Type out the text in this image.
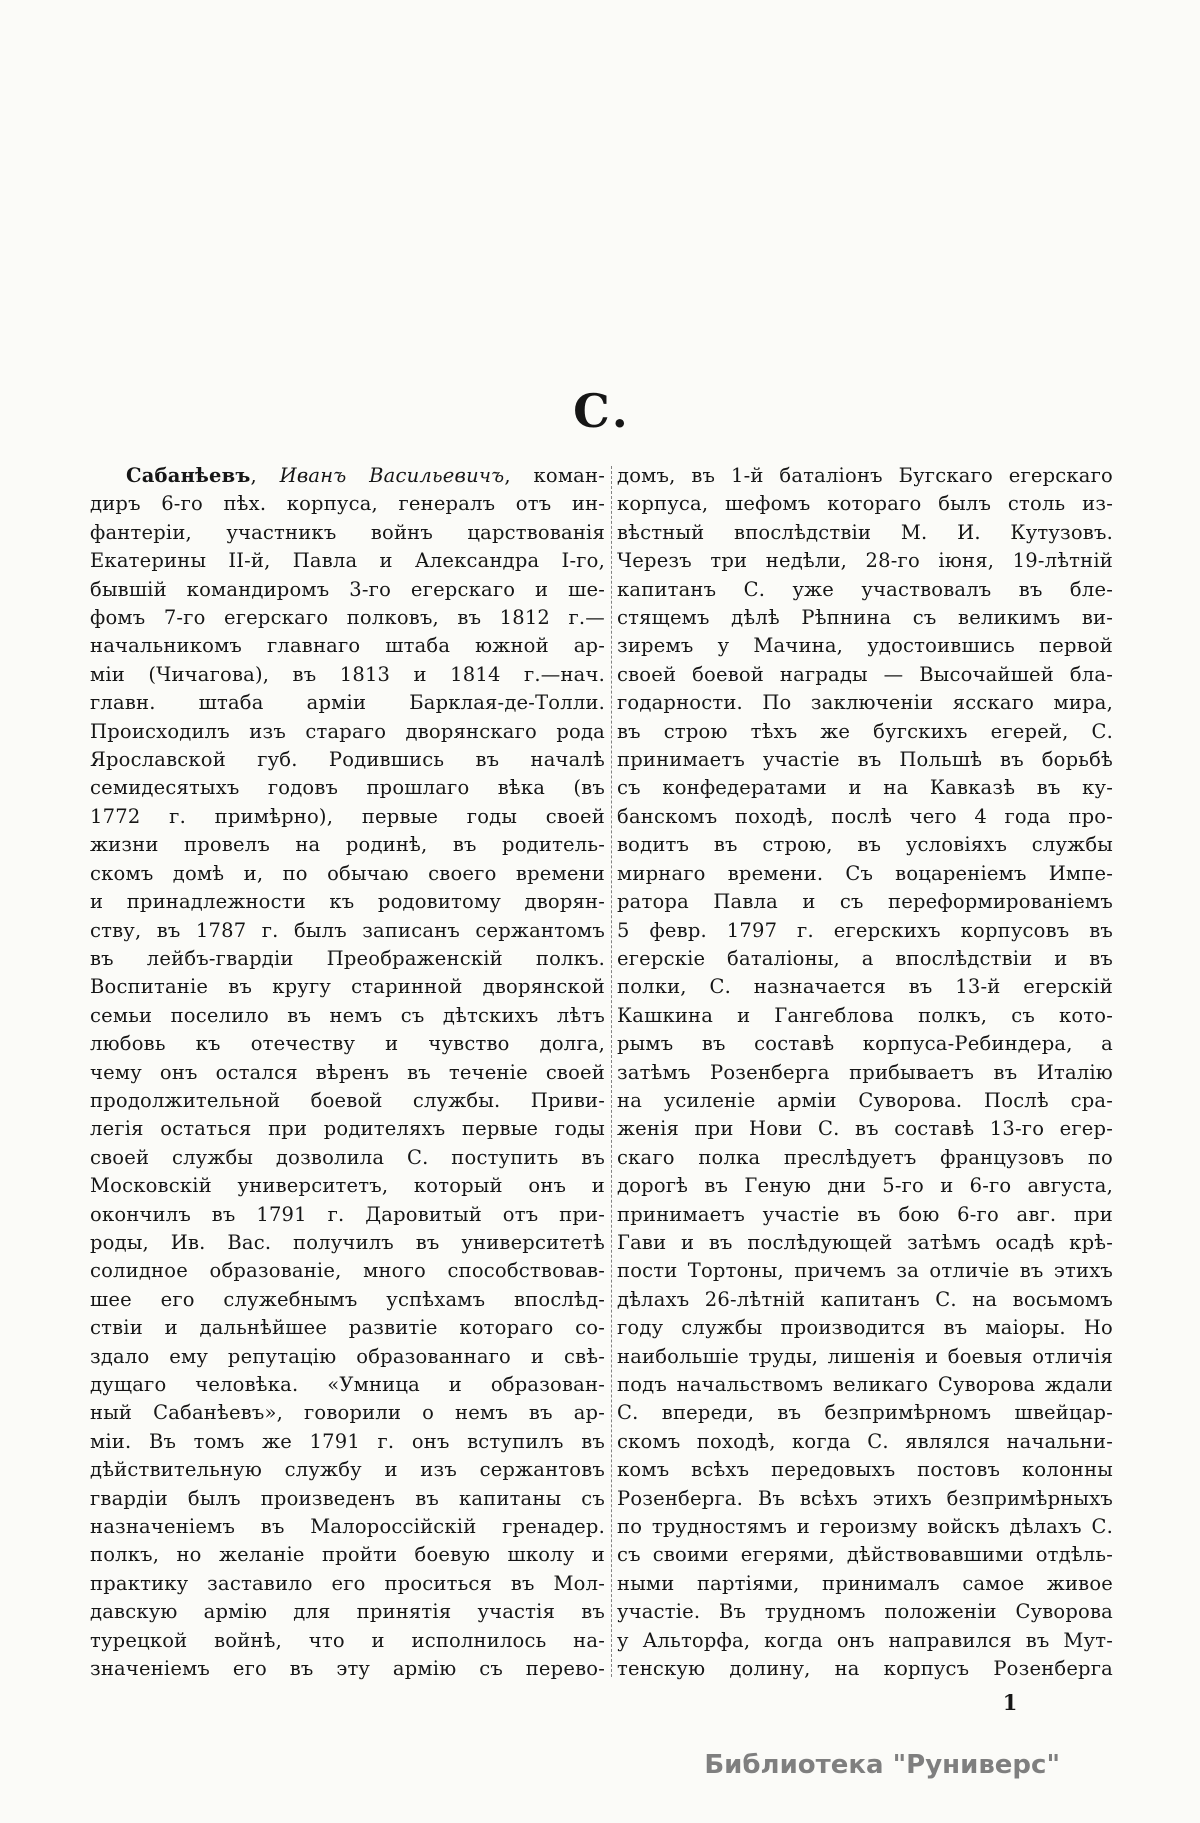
С.
Сабанѣевъ, Иванъ Васильевичъ, коман-
диръ 6-го пѣх. корпуса, генералъ отъ ин-
фантеріи, участникъ войнъ царствованія
Екатерины II-й, Павла и Александра I-го,
бывшій командиромъ 3-го егерскаго и ше-
фомъ 7-го егерскаго полковъ, въ 1812 г.—
начальникомъ главнаго штаба южной ар-
міи (Чичагова), въ 1813 и 1814 г.—нач.
главн. штаба арміи Барклая-де-Толли.
Происходилъ изъ стараго дворянскаго рода
Ярославской губ. Родившись въ началѣ
семидесятыхъ годовъ прошлаго вѣка (въ
1772 г. примѣрно), первые годы своей
жизни провелъ на родинѣ, въ родитель-
скомъ домѣ и, по обычаю своего времени
и принадлежности къ родовитому дворян-
ству, въ 1787 г. былъ записанъ сержантомъ
въ лейбъ-гвардіи Преображенскій полкъ.
Воспитаніе въ кругу старинной дворянской
семьи поселило въ немъ съ дѣтскихъ лѣтъ
любовь къ отечеству и чувство долга,
чему онъ остался вѣренъ въ теченіе своей
продолжительной боевой службы. Приви-
легія остаться при родителяхъ первые годы
своей службы дозволила С. поступить въ
Московскій университетъ, который онъ и
окончилъ въ 1791 г. Даровитый отъ при-
роды, Ив. Вас. получилъ въ университетѣ
солидное образованіе, много способствовав-
шее его служебнымъ успѣхамъ впослѣд-
ствіи и дальнѣйшее развитіе котораго со-
здало ему репутацію образованнаго и свѣ-
дущаго человѣка. «Умница и образован-
ный Сабанѣевъ», говорили о немъ въ ар-
міи. Въ томъ же 1791 г. онъ вступилъ въ
дѣйствительную службу и изъ сержантовъ
гвардіи былъ произведенъ въ капитаны съ
назначеніемъ въ Малороссійскій гренадер.
полкъ, но желаніе пройти боевую школу и
практику заставило его проситься въ Мол-
давскую армію для принятія участія въ
турецкой войнѣ, что и исполнилось на-
значеніемъ его въ эту армію съ перево-
домъ, въ 1-й баталіонъ Бугскаго егерскаго
корпуса, шефомъ котораго былъ столь из-
вѣстный впослѣдствіи М. И. Кутузовъ.
Черезъ три недѣли, 28-го іюня, 19-лѣтній
капитанъ С. уже участвовалъ въ бле-
стящемъ дѣлѣ Рѣпнина съ великимъ ви-
зиремъ у Мачина, удостоившись первой
своей боевой награды — Высочайшей бла-
годарности. По заключеніи ясскаго мира,
въ строю тѣхъ же бугскихъ егерей, С.
принимаетъ участіе въ Польшѣ въ борьбѣ
съ конфедератами и на Кавказѣ въ ку-
банскомъ походѣ, послѣ чего 4 года про-
водитъ въ строю, въ условіяхъ службы
мирнаго времени. Съ воцареніемъ Импе-
ратора Павла и съ переформированіемъ
5 февр. 1797 г. егерскихъ корпусовъ въ
егерскіе баталіоны, а впослѣдствіи и въ
полки, С. назначается въ 13-й егерскій
Кашкина и Гангеблова полкъ, съ кото-
рымъ въ составѣ корпуса-Ребиндера, а
затѣмъ Розенберга прибываетъ въ Италію
на усиленіе арміи Суворова. Послѣ сра-
женія при Нови С. въ составѣ 13-го егер-
скаго полка преслѣдуетъ французовъ по
дорогѣ въ Геную дни 5-го и 6-го августа,
принимаетъ участіе въ бою 6-го авг. при
Гави и въ послѣдующей затѣмъ осадѣ крѣ-
пости Тортоны, причемъ за отличіе въ этихъ
дѣлахъ 26-лѣтній капитанъ С. на восьмомъ
году службы производится въ маіоры. Но
наибольшіе труды, лишенія и боевыя отличія
подъ начальствомъ великаго Суворова ждали
С. впереди, въ безпримѣрномъ швейцар-
скомъ походѣ, когда С. являлся начальни-
комъ всѣхъ передовыхъ постовъ колонны
Розенберга. Въ всѣхъ этихъ безпримѣрныхъ
по трудностямъ и героизму войскъ дѣлахъ С.
съ своими егерями, дѣйствовавшими отдѣль-
ными партіями, принималъ самое живое
участіе. Въ трудномъ положеніи Суворова
у Альторфа, когда онъ направился въ Мут-
тенскую долину, на корпусъ Розенберга
1
Библиотека "Руниверс"
